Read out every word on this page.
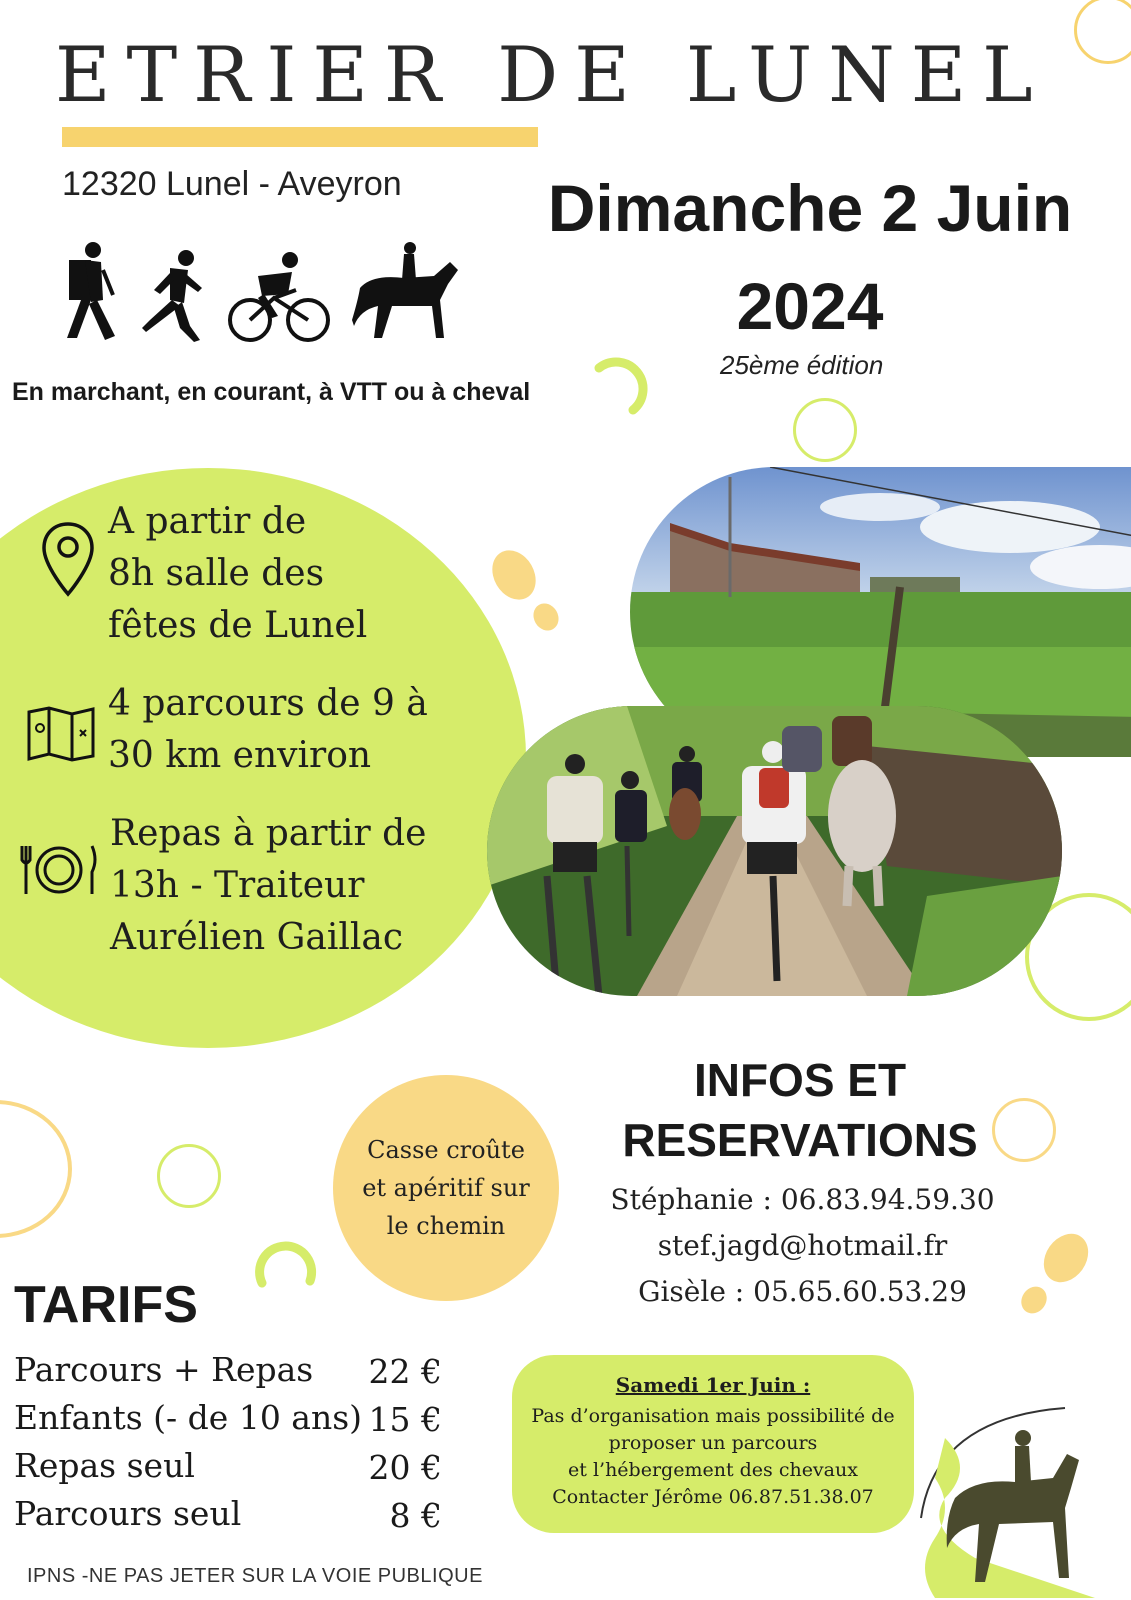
ETRIER DE LUNEL
12320 Lunel - Aveyron	Dimanche 2 Juin
2024
25ème édition
En marchant, en courant, à VTT ou à cheval
A partir de
8h salle des
fêtes de Lunel
4 parcours de 9 à
30 km environ
Repas à partir de
13h - Traiteur
Aurélien Gaillac
INFOS ET
RESERVATIONS
Stéphanie : 06.83.94.59.30
stef.jagd@hotmail.fr
Gisèle : 05.65.60.53.29
Casse croûte
et apéritif sur
le chemin
TARIFS
Parcours + Repas	22 €
Enfants (- de 10 ans) 15 €
Repas seul	20 €
Parcours seul	8 €
Samedi 1er Juin :
Pas d’organisation mais possibilité de
proposer un parcours
et l’hébergement des chevaux
Contacter Jérôme 06.87.51.38.07
IPNS -NE PAS JETER SUR LA VOIE PUBLIQUE
